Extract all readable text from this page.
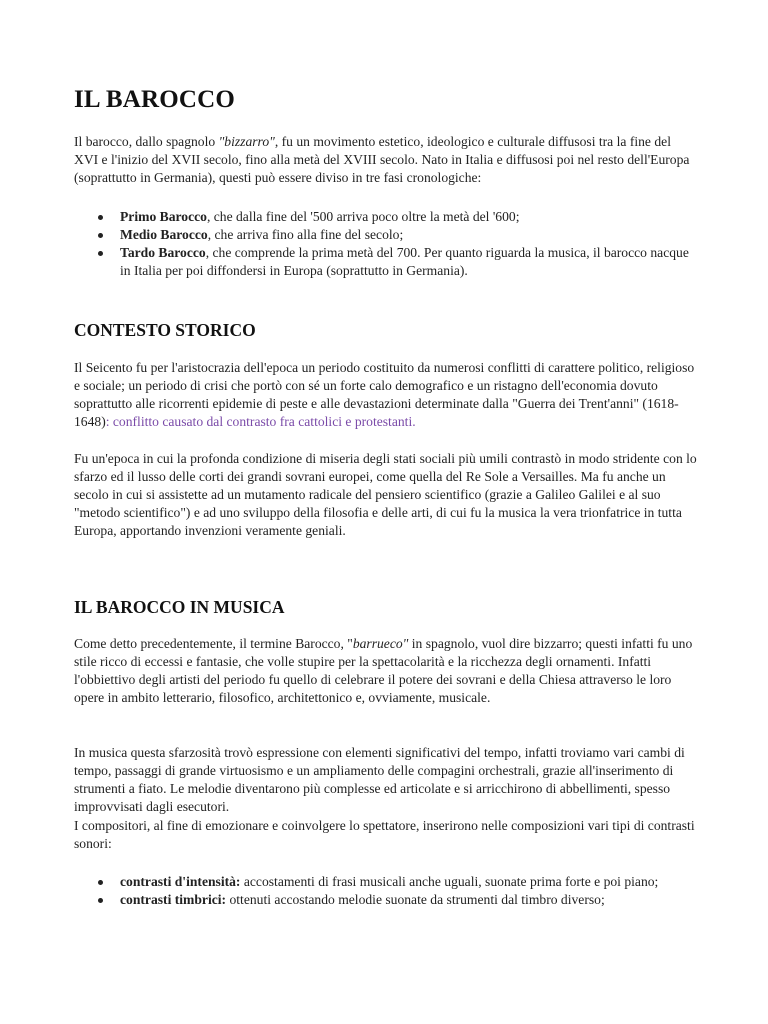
IL BAROCCO

Il barocco, dallo spagnolo "bizzarro", fu un movimento estetico, ideologico e culturale diffusosi tra la fine del XVI e l'inizio del XVII secolo, fino alla metà del XVIII secolo. Nato in Italia e diffusosi poi nel resto dell'Europa (soprattutto in Germania), questi può essere diviso in tre fasi cronologiche:

Primo Barocco, che dalla fine del '500 arriva poco oltre la metà del '600;
Medio Barocco, che arriva fino alla fine del secolo;
Tardo Barocco, che comprende la prima metà del 700. Per quanto riguarda la musica, il barocco nacque in Italia per poi diffondersi in Europa (soprattutto in Germania).
CONTESTO STORICO

Il Seicento fu per l'aristocrazia dell'epoca un periodo costituito da numerosi conflitti di carattere politico, religioso e sociale; un periodo di crisi che portò con sé un forte calo demografico e un ristagno dell'economia dovuto soprattutto alle ricorrenti epidemie di peste e alle devastazioni determinate dalla "Guerra dei Trent'anni" (1618-1648): conflitto causato dal contrasto fra cattolici e protestanti.

Fu un'epoca in cui la profonda condizione di miseria degli stati sociali più umili contrastò in modo stridente con lo sfarzo ed il lusso delle corti dei grandi sovrani europei, come quella del Re Sole a Versailles. Ma fu anche un secolo in cui si assistette ad un mutamento radicale del pensiero scientifico (grazie a Galileo Galilei e al suo "metodo scientifico") e ad uno sviluppo della filosofia e delle arti, di cui fu la musica la vera trionfatrice in tutta Europa, apportando invenzioni veramente geniali.

IL BAROCCO IN MUSICA

Come detto precedentemente, il termine Barocco, "barrueco" in spagnolo, vuol dire bizzarro; questi infatti fu uno stile ricco di eccessi e fantasie, che volle stupire per la spettacolarità e la ricchezza degli ornamenti. Infatti l'obbiettivo degli artisti del periodo fu quello di celebrare il potere dei sovrani e della Chiesa attraverso le loro opere in ambito letterario, filosofico, architettonico e, ovviamente, musicale.

In musica questa sfarzosità trovò espressione con elementi significativi del tempo, infatti troviamo vari cambi di tempo, passaggi di grande virtuosismo e un ampliamento delle compagini orchestrali, grazie all'inserimento di strumenti a fiato. Le melodie diventarono più complesse ed articolate e si arricchirono di abbellimenti, spesso improvvisati dagli esecutori.

I compositori, al fine di emozionare e coinvolgere lo spettatore, inserirono nelle composizioni vari tipi di contrasti sonori:

contrasti d'intensità: accostamenti di frasi musicali anche uguali, suonate prima forte e poi piano;
contrasti timbrici: ottenuti accostando melodie suonate da strumenti dal timbro diverso;
